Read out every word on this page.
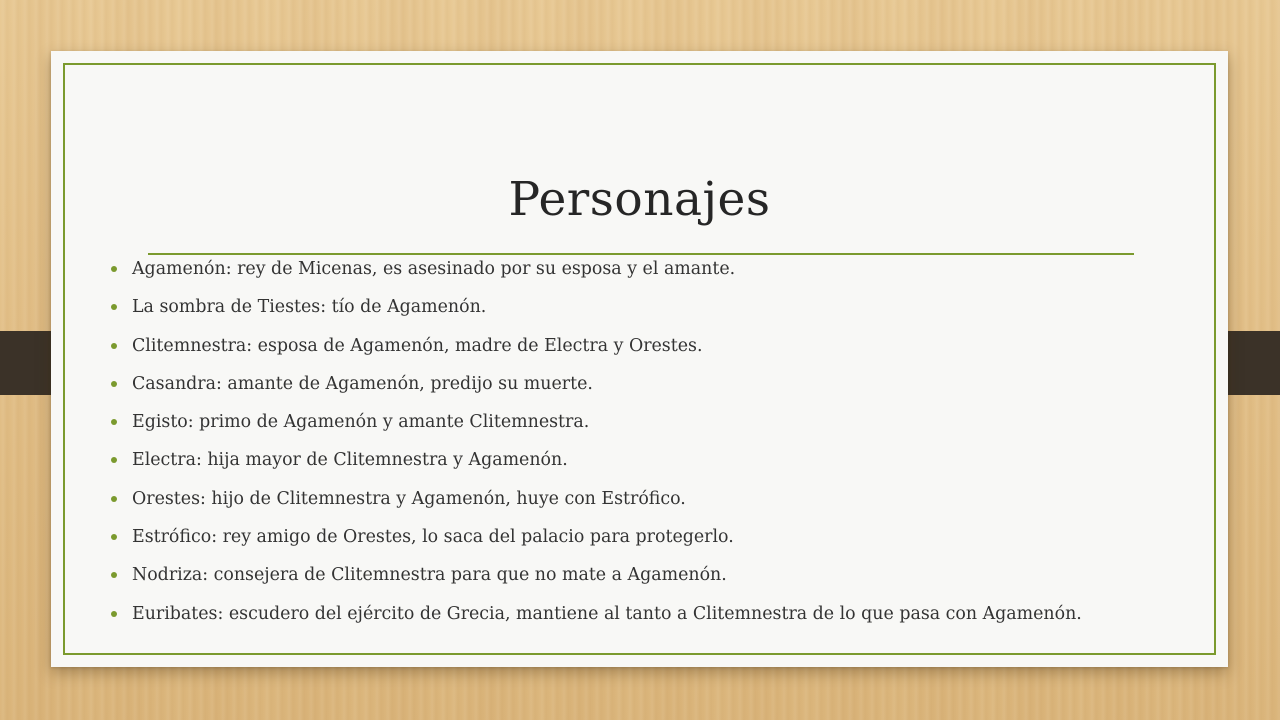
Personajes
Agamenón: rey de Micenas, es asesinado por su esposa y el amante.
La sombra de Tiestes: tío de Agamenón.
Clitemnestra: esposa de Agamenón, madre de Electra y Orestes.
Casandra: amante de Agamenón, predijo su muerte.
Egisto: primo de Agamenón y amante Clitemnestra.
Electra: hija mayor de Clitemnestra y Agamenón.
Orestes: hijo de Clitemnestra y Agamenón, huye con Estrófico.
Estrófico: rey amigo de Orestes, lo saca del palacio para protegerlo.
Nodriza: consejera de Clitemnestra para que no mate a Agamenón.
Euribates: escudero del ejército de Grecia, mantiene al tanto a Clitemnestra de lo que pasa con Agamenón.
